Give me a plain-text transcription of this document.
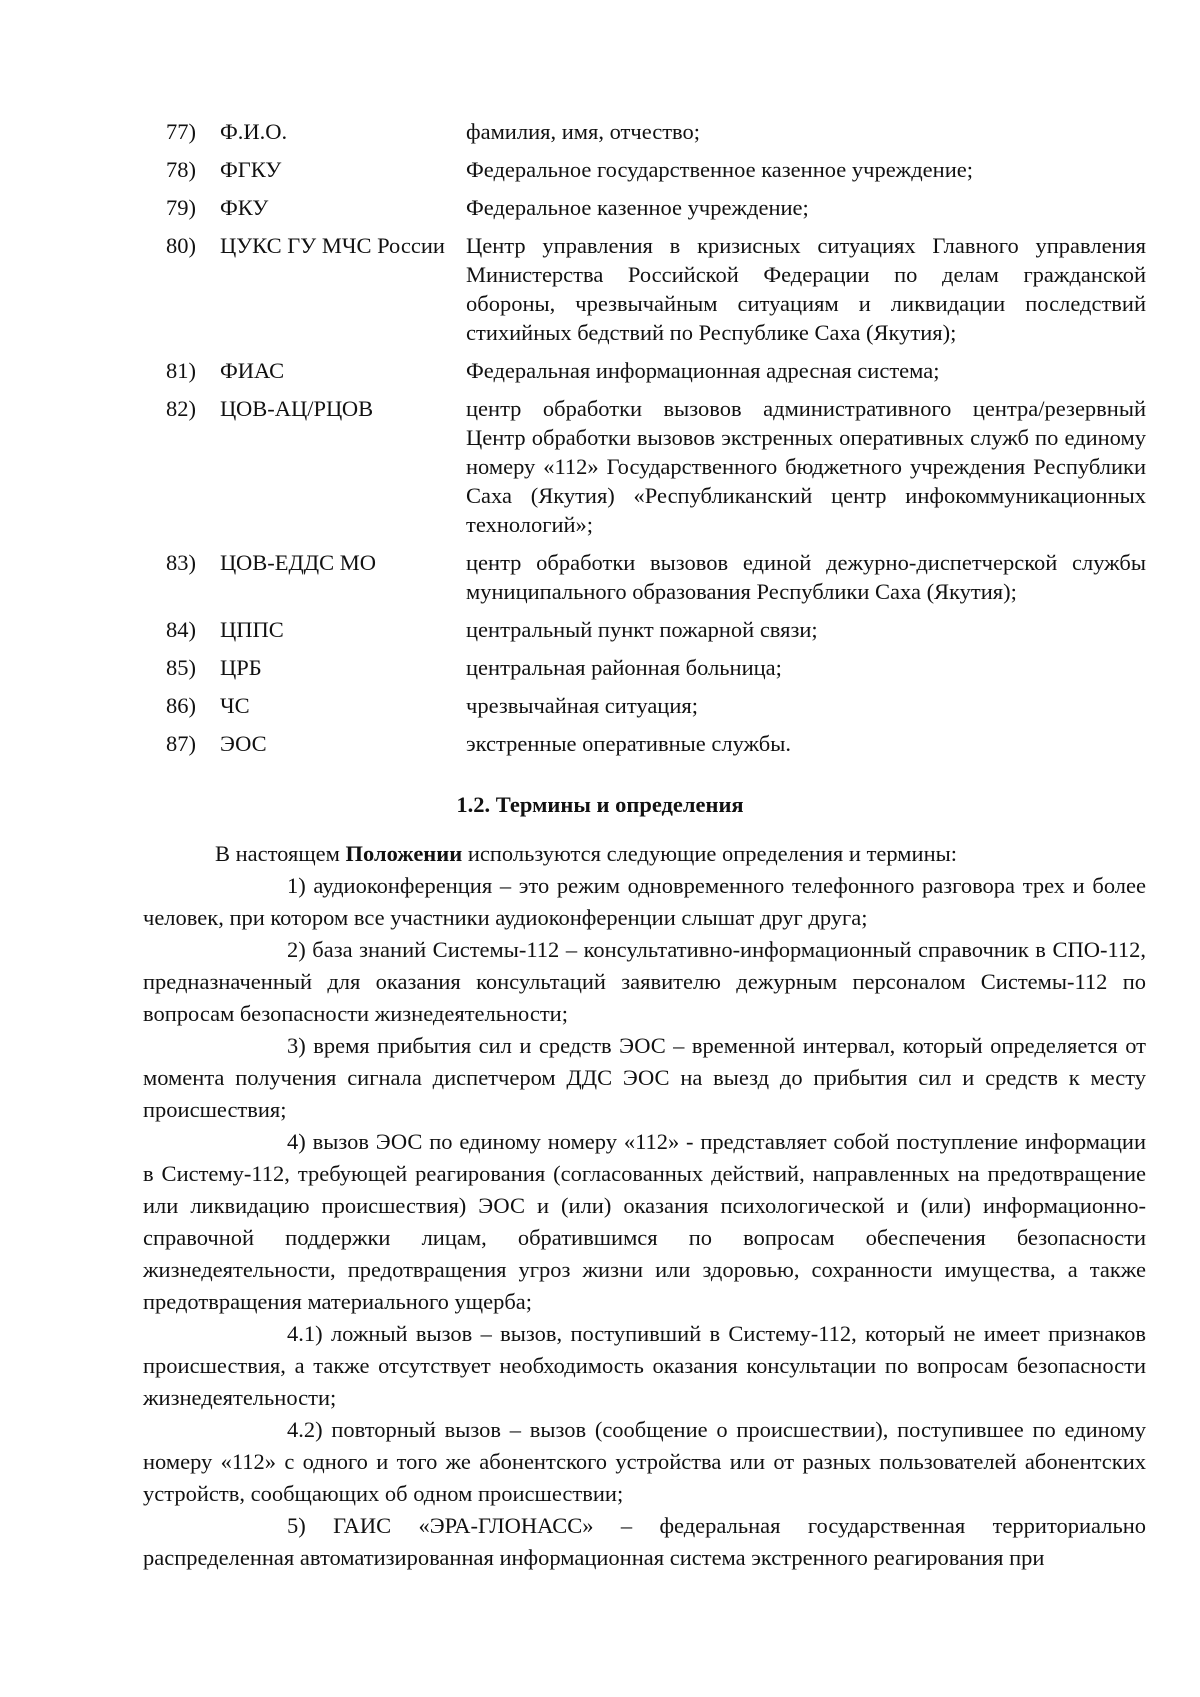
77)	Ф.И.О.	фамилия, имя, отчество;
78)	ФГКУ	Федеральное государственное казенное учреждение;
79)	ФКУ	Федеральное казенное учреждение;
80)	ЦУКС ГУ МЧС России	Центр управления в кризисных ситуациях Главного управления Министерства Российской Федерации по делам гражданской обороны, чрезвычайным ситуациям и ликвидации последствий стихийных бедствий по Республике Саха (Якутия);
81)	ФИАС	Федеральная информационная адресная система;
82)	ЦОВ-АЦ/РЦОВ	центр обработки вызовов административного центра/резервный Центр обработки вызовов экстренных оперативных служб по единому номеру «112» Государственного бюджетного учреждения Республики Саха (Якутия) «Республиканский центр инфокоммуникационных технологий»;
83)	ЦОВ-ЕДДС МО	центр обработки вызовов единой дежурно-диспетчерской службы муниципального образования Республики Саха (Якутия);
84)	ЦППС	центральный пункт пожарной связи;
85)	ЦРБ	центральная районная больница;
86)	ЧС	чрезвычайная ситуация;
87)	ЭОС	экстренные оперативные службы.
1.2. Термины и определения

В настоящем Положении используются следующие определения и термины:

1) аудиоконференция – это режим одновременного телефонного разговора трех и более человек, при котором все участники аудиоконференции слышат друг друга;

2) база знаний Системы-112 – консультативно-информационный справочник в СПО-112, предназначенный для оказания консультаций заявителю дежурным персоналом Системы-112 по вопросам безопасности жизнедеятельности;

3) время прибытия сил и средств ЭОС – временной интервал, который определяется от момента получения сигнала диспетчером ДДС ЭОС на выезд до прибытия сил и средств к месту происшествия;

4) вызов ЭОС по единому номеру «112» - представляет собой поступление информации в Систему-112, требующей реагирования (согласованных действий, направленных на предотвращение или ликвидацию происшествия) ЭОС и (или) оказания психологической и (или) информационно-справочной поддержки лицам, обратившимся по вопросам обеспечения безопасности жизнедеятельности, предотвращения угроз жизни или здоровью, сохранности имущества, а также предотвращения материального ущерба;

4.1) ложный вызов – вызов, поступивший в Систему-112, который не имеет признаков происшествия, а также отсутствует необходимость оказания консультации по вопросам безопасности жизнедеятельности;

4.2) повторный вызов – вызов (сообщение о происшествии), поступившее по единому номеру «112» с одного и того же абонентского устройства или от разных пользователей абонентских устройств, сообщающих об одном происшествии;

5) ГАИС «ЭРА-ГЛОНАСС» – федеральная государственная территориально распределенная автоматизированная информационная система экстренного реагирования при
